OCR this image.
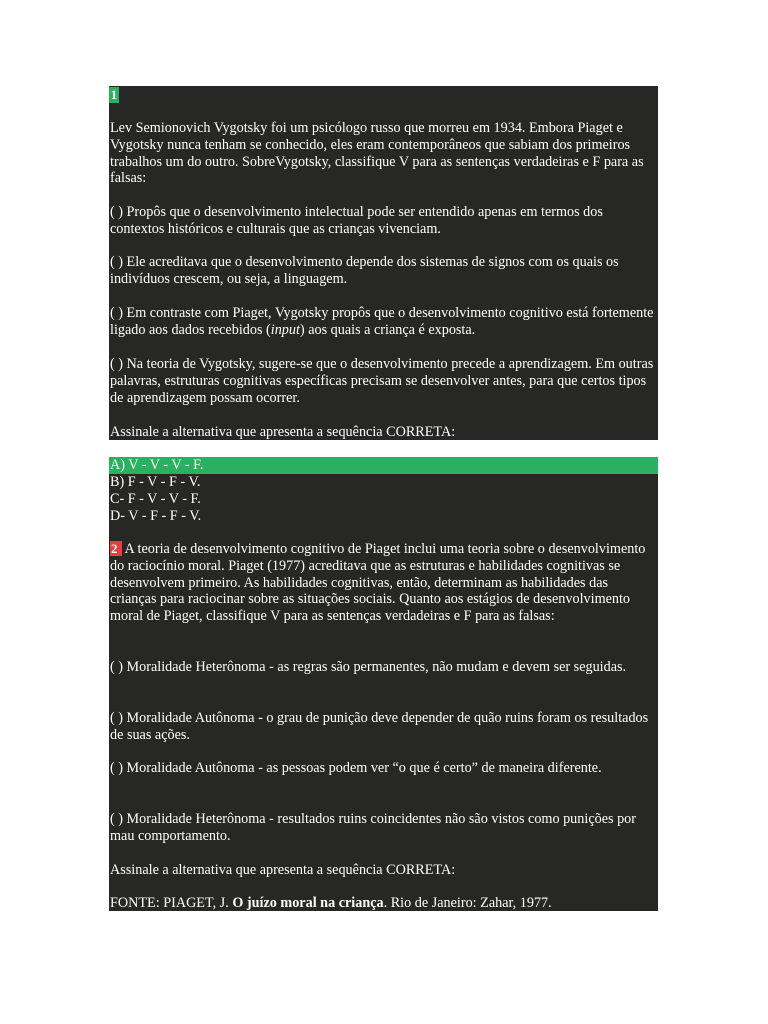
1

Lev Semionovich Vygotsky foi um psicólogo russo que morreu em 1934. Embora Piaget e Vygotsky nunca tenham se conhecido, eles eram contemporâneos que sabiam dos primeiros trabalhos um do outro. SobreVygotsky, classifique V para as sentenças verdadeiras e F para as falsas:

( ) Propôs que o desenvolvimento intelectual pode ser entendido apenas em termos dos contextos históricos e culturais que as crianças vivenciam.

( ) Ele acreditava que o desenvolvimento depende dos sistemas de signos com os quais os indivíduos crescem, ou seja, a linguagem.

( ) Em contraste com Piaget, Vygotsky propôs que o desenvolvimento cognitivo está fortemente ligado aos dados recebidos (input) aos quais a criança é exposta.

( ) Na teoria de Vygotsky, sugere-se que o desenvolvimento precede a aprendizagem. Em outras palavras, estruturas cognitivas específicas precisam se desenvolver antes, para que certos tipos de aprendizagem possam ocorrer.

Assinale a alternativa que apresenta a sequência CORRETA:

A) V - V - V - F.
B) F - V - F - V.
C- F - V - V - F.
D- V - F - F - V.

2 A teoria de desenvolvimento cognitivo de Piaget inclui uma teoria sobre o desenvolvimento do raciocínio moral. Piaget (1977) acreditava que as estruturas e habilidades cognitivas se desenvolvem primeiro. As habilidades cognitivas, então, determinam as habilidades das crianças para raciocinar sobre as situações sociais. Quanto aos estágios de desenvolvimento moral de Piaget, classifique V para as sentenças verdadeiras e F para as falsas:

( ) Moralidade Heterônoma - as regras são permanentes, não mudam e devem ser seguidas.

( ) Moralidade Autônoma - o grau de punição deve depender de quão ruins foram os resultados de suas ações.

( ) Moralidade Autônoma - as pessoas podem ver “o que é certo” de maneira diferente.

( ) Moralidade Heterônoma - resultados ruins coincidentes não são vistos como punições por mau comportamento.

Assinale a alternativa que apresenta a sequência CORRETA:

FONTE: PIAGET, J. O juízo moral na criança. Rio de Janeiro: Zahar, 1977.
